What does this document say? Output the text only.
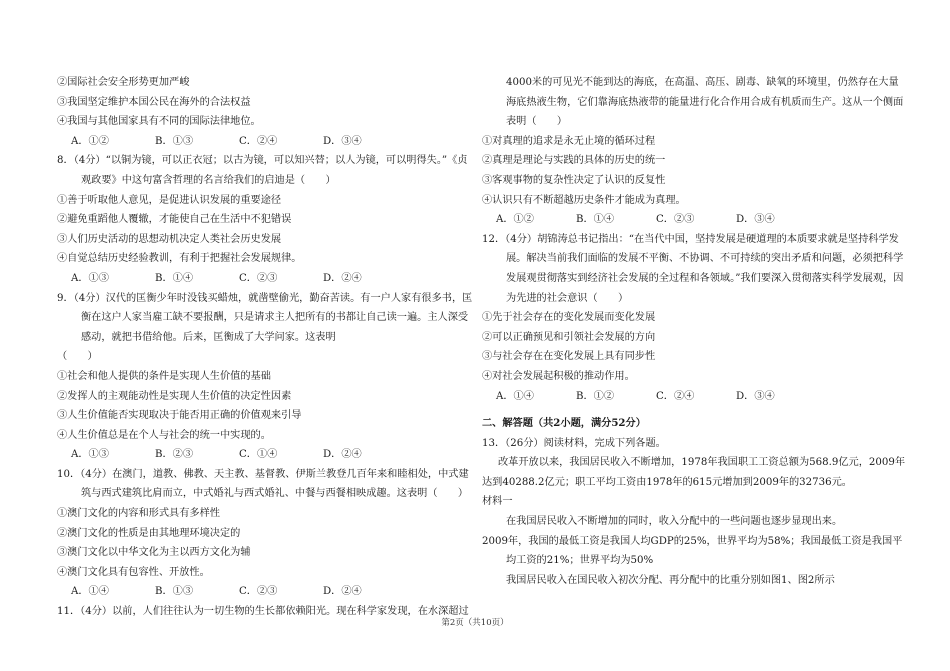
②国际社会安全形势更加严峻
③我国坚定维护本国公民在海外的合法权益
④我国与其他国家具有不同的国际法律地位。
A．①②	B．①③	C．②④	D．③④
8．（4分）“以铜为镜，可以正衣冠；以古为镜，可以知兴替；以人为镜，可以明得失。”《贞观政要》中这句富含哲理的名言给我们的启迪是（　　）
①善于听取他人意见，是促进认识发展的重要途径
②避免重蹈他人覆辙，才能使自己在生活中不犯错误
③人们历史活动的思想动机决定人类社会历史发展
④自觉总结历史经验教训，有利于把握社会发展规律。
A．①③	B．①④	C．②③	D．②④
9．（4分）汉代的匡衡少年时没钱买蜡烛，就凿壁偷光，勤奋苦读。有一户人家有很多书，匡衡在这户人家当雇工缺不要报酬，只是请求主人把所有的书都让自己读一遍。主人深受感动，就把书借给他。后来，匡衡成了大学问家。这表明
（　　）
①社会和他人提供的条件是实现人生价值的基础
②发挥人的主观能动性是实现人生价值的决定性因素
③人生价值能否实现取决于能否用正确的价值观来引导
④人生价值总是在个人与社会的统一中实现的。
A．①③	B．②③	C．①④	D．②④
10．（4分）在澳门，道教、佛教、天主教、基督教、伊斯兰教登几百年来和睦相处，中式建筑与西式建筑比肩而立，中式婚礼与西式婚礼、中餐与西餐相映成趣。这表明（　　）
①澳门文化的内容和形式具有多样性
②澳门文化的性质是由其地理环境决定的
③澳门文化以中华文化为主以西方文化为辅
④澳门文化具有包容性、开放性。
A．①④	B．①③	C．②③	D．②④
11．（4分）以前，人们往往认为一切生物的生长都依赖阳光。现在科学家发现，在水深超过
4000米的可见光不能到达的海底，在高温、高压、剧毒、缺氧的环境里，仍然存在大量海底热液生物，它们靠海底热液带的能量进行化合作用合成有机质而生产。这从一个侧面表明（　　）
①对真理的追求是永无止境的循环过程
②真理是理论与实践的具体的历史的统一
③客观事物的复杂性决定了认识的反复性
④认识只有不断超越历史条件才能成为真理。
A．①②	B．①④	C．②③	D．③④
12．（4分）胡锦涛总书记指出：“在当代中国，坚持发展是硬道理的本质要求就是坚持科学发展。解决当前我们面临的发展不平衡、不协调、不可持续的突出矛盾和问题，必须把科学发展观贯彻落实到经济社会发展的全过程和各领域。”我们要深入贯彻落实科学发展观，因为先进的社会意识（　　）
①先于社会存在的变化发展而变化发展
②可以正确预见和引领社会发展的方向
③与社会存在在变化发展上具有同步性
④对社会发展起积极的推动作用。
A．①④	B．①②	C．②④	D．③④
二、解答题（共2小题，满分52分）
13．（26分）阅读材料，完成下列各题。
改革开放以来，我国居民收入不断增加，1978年我国职工工资总额为568.9亿元，2009年达到40288.2亿元；职工平均工资由1978年的615元增加到2009年的32736元。
材料一
在我国居民收入不断增加的同时，收入分配中的一些问题也逐步显现出来。
2009年，我国的最低工资是我国人均GDP的25%，世界平均为58%；我国最低工资是我国平均工资的21%；世界平均为50%
我国居民收入在国民收入初次分配、再分配中的比重分别如图1、图2所示
第2页（共10页）
